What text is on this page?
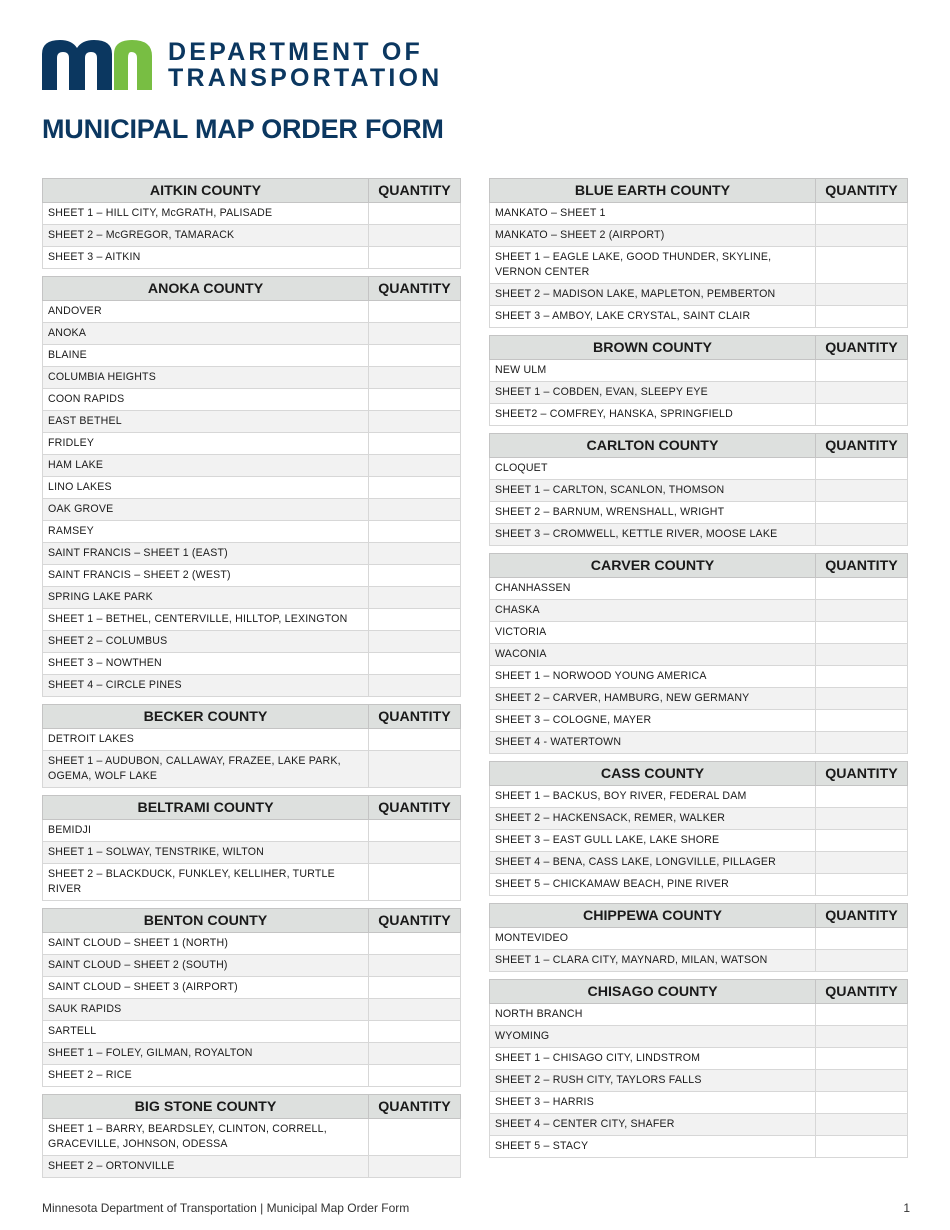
DEPARTMENT OF
TRANSPORTATION
MUNICIPAL MAP ORDER FORM
AITKIN COUNTY	QUANTITY
SHEET 1 – HILL CITY, McGRATH, PALISADE	
SHEET 2 – McGREGOR, TAMARACK	
SHEET 3 – AITKIN	
ANOKA COUNTY	QUANTITY
ANDOVER	
ANOKA	
BLAINE	
COLUMBIA HEIGHTS	
COON RAPIDS	
EAST BETHEL	
FRIDLEY	
HAM LAKE	
LINO LAKES	
OAK GROVE	
RAMSEY	
SAINT FRANCIS – SHEET 1 (EAST)	
SAINT FRANCIS – SHEET 2 (WEST)	
SPRING LAKE PARK	
SHEET 1 – BETHEL, CENTERVILLE, HILLTOP, LEXINGTON	
SHEET 2 – COLUMBUS	
SHEET 3 – NOWTHEN	
SHEET 4 – CIRCLE PINES	
BECKER COUNTY	QUANTITY
DETROIT LAKES	
SHEET 1 – AUDUBON, CALLAWAY, FRAZEE, LAKE PARK, OGEMA, WOLF LAKE	
BELTRAMI COUNTY	QUANTITY
BEMIDJI	
SHEET 1 – SOLWAY, TENSTRIKE, WILTON	
SHEET 2 – BLACKDUCK, FUNKLEY, KELLIHER, TURTLE RIVER	
BENTON COUNTY	QUANTITY
SAINT CLOUD – SHEET 1 (NORTH)	
SAINT CLOUD – SHEET 2 (SOUTH)	
SAINT CLOUD – SHEET 3 (AIRPORT)	
SAUK RAPIDS	
SARTELL	
SHEET 1 – FOLEY, GILMAN, ROYALTON	
SHEET 2 – RICE	
BIG STONE COUNTY	QUANTITY
SHEET 1 – BARRY, BEARDSLEY, CLINTON, CORRELL, GRACEVILLE, JOHNSON, ODESSA	
SHEET 2 – ORTONVILLE	
BLUE EARTH COUNTY	QUANTITY
MANKATO – SHEET 1	
MANKATO – SHEET 2 (AIRPORT)	
SHEET 1 – EAGLE LAKE, GOOD THUNDER, SKYLINE, VERNON CENTER	
SHEET 2 – MADISON LAKE, MAPLETON, PEMBERTON	
SHEET 3 – AMBOY, LAKE CRYSTAL, SAINT CLAIR	
BROWN COUNTY	QUANTITY
NEW ULM	
SHEET 1 – COBDEN, EVAN, SLEEPY EYE	
SHEET2 – COMFREY, HANSKA, SPRINGFIELD	
CARLTON COUNTY	QUANTITY
CLOQUET	
SHEET 1 – CARLTON, SCANLON, THOMSON	
SHEET 2 – BARNUM, WRENSHALL, WRIGHT	
SHEET 3 – CROMWELL, KETTLE RIVER, MOOSE LAKE	
CARVER COUNTY	QUANTITY
CHANHASSEN	
CHASKA	
VICTORIA	
WACONIA	
SHEET 1 – NORWOOD YOUNG AMERICA	
SHEET 2 – CARVER, HAMBURG, NEW GERMANY	
SHEET 3 – COLOGNE, MAYER	
SHEET 4 - WATERTOWN	
CASS COUNTY	QUANTITY
SHEET 1 – BACKUS, BOY RIVER, FEDERAL DAM	
SHEET 2 – HACKENSACK, REMER, WALKER	
SHEET 3 – EAST GULL LAKE, LAKE SHORE	
SHEET 4 – BENA, CASS LAKE, LONGVILLE, PILLAGER	
SHEET 5 – CHICKAMAW BEACH, PINE RIVER	
CHIPPEWA COUNTY	QUANTITY
MONTEVIDEO	
SHEET 1 – CLARA CITY, MAYNARD, MILAN, WATSON	
CHISAGO COUNTY	QUANTITY
NORTH BRANCH	
WYOMING	
SHEET 1 – CHISAGO CITY, LINDSTROM	
SHEET 2 – RUSH CITY, TAYLORS FALLS	
SHEET 3 – HARRIS	
SHEET 4 – CENTER CITY, SHAFER	
SHEET 5 – STACY	
Minnesota Department of Transportation | Municipal Map Order Form	1
